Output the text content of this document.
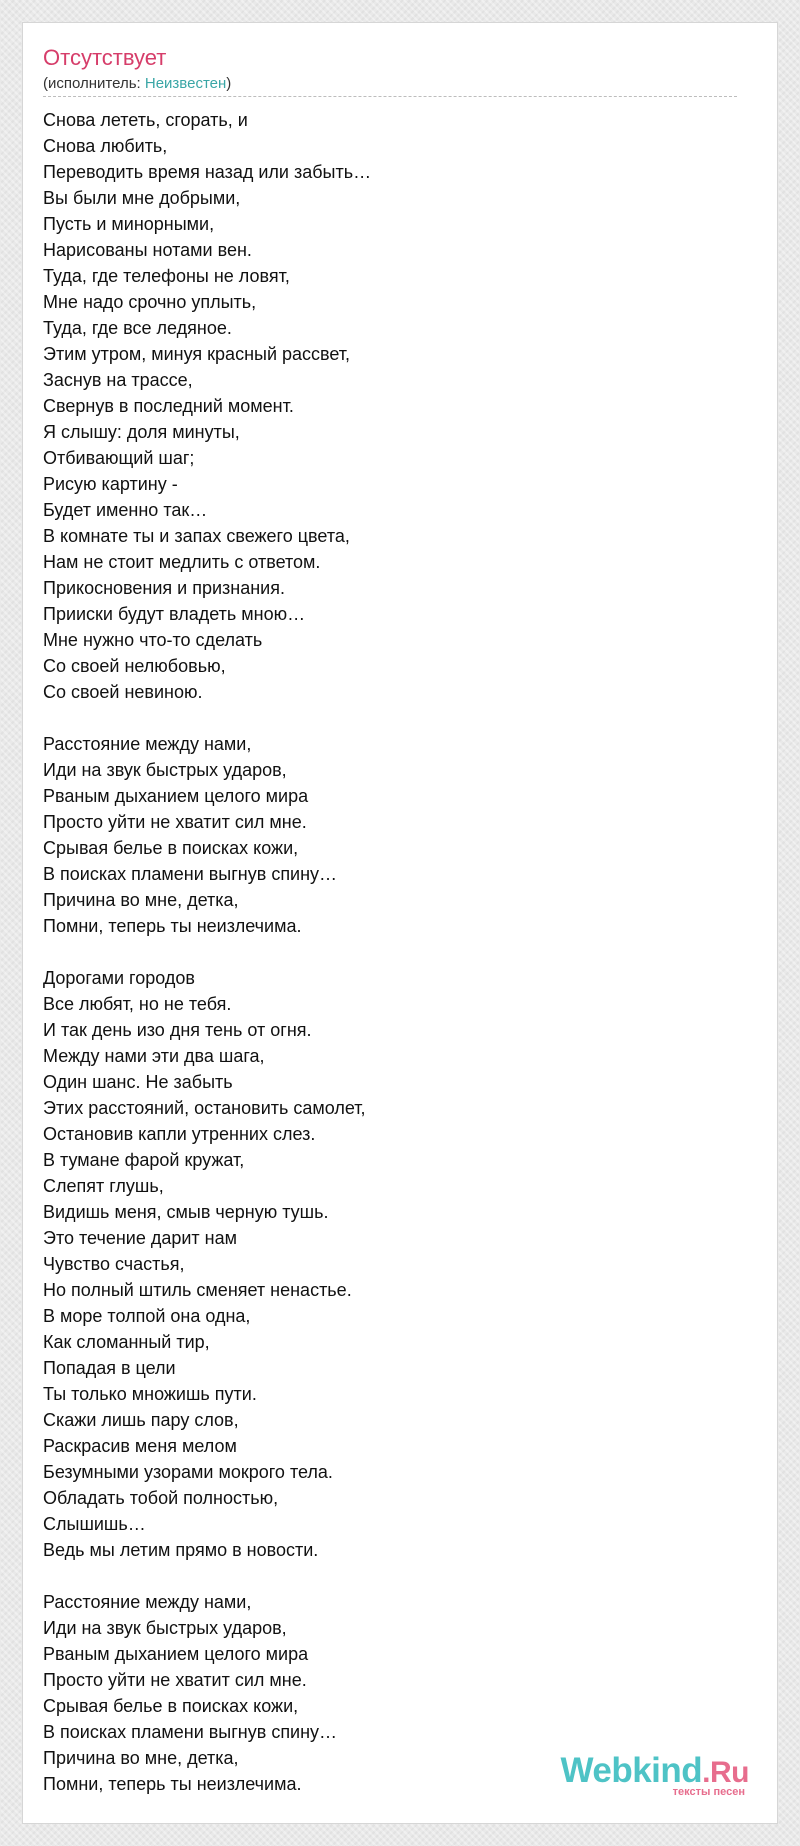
Отсутствует
(исполнитель: Неизвестен)
Снова лететь, сгорать, и
Снова любить,
Переводить время назад или забыть…
Вы были мне добрыми,
Пусть и минорными,
Нарисованы нотами вен.
Туда, где телефоны не ловят,
Мне надо срочно уплыть,
Туда, где все ледяное.
Этим утром, минуя красный рассвет,
Заснув на трассе,
Свернув в последний момент.
Я слышу: доля минуты,
Отбивающий шаг;
Рисую картину -
Будет именно так…
В комнате ты и запах свежего цвета,
Нам не стоит медлить с ответом.
Прикосновения и признания.
Прииски будут владеть мною…
Мне нужно что-то сделать
Со своей нелюбовью,
Со своей невиною.
Расстояние между нами,
Иди на звук быстрых ударов,
Рваным дыханием целого мира
Просто уйти не хватит сил мне.
Срывая белье в поисках кожи,
В поисках пламени выгнув спину…
Причина во мне, детка,
Помни, теперь ты неизлечима.
Дорогами городов
Все любят, но не тебя.
И так день изо дня тень от огня.
Между нами эти два шага,
Один шанс. Не забыть
Этих расстояний, остановить самолет,
Остановив капли утренних слез.
В тумане фарой кружат,
Слепят глушь,
Видишь меня, смыв черную тушь.
Это течение дарит нам
Чувство счастья,
Но полный штиль сменяет ненастье.
В море толпой она одна,
Как сломанный тир,
Попадая в цели
Ты только множишь пути.
Скажи лишь пару слов,
Раскрасив меня мелом
Безумными узорами мокрого тела.
Обладать тобой полностью,
Слышишь…
Ведь мы летим прямо в новости.
Расстояние между нами,
Иди на звук быстрых ударов,
Рваным дыханием целого мира
Просто уйти не хватит сил мне.
Срывая белье в поисках кожи,
В поисках пламени выгнув спину…
Причина во мне, детка,
Помни, теперь ты неизлечима.	Webkind.Ru
тексты песен
